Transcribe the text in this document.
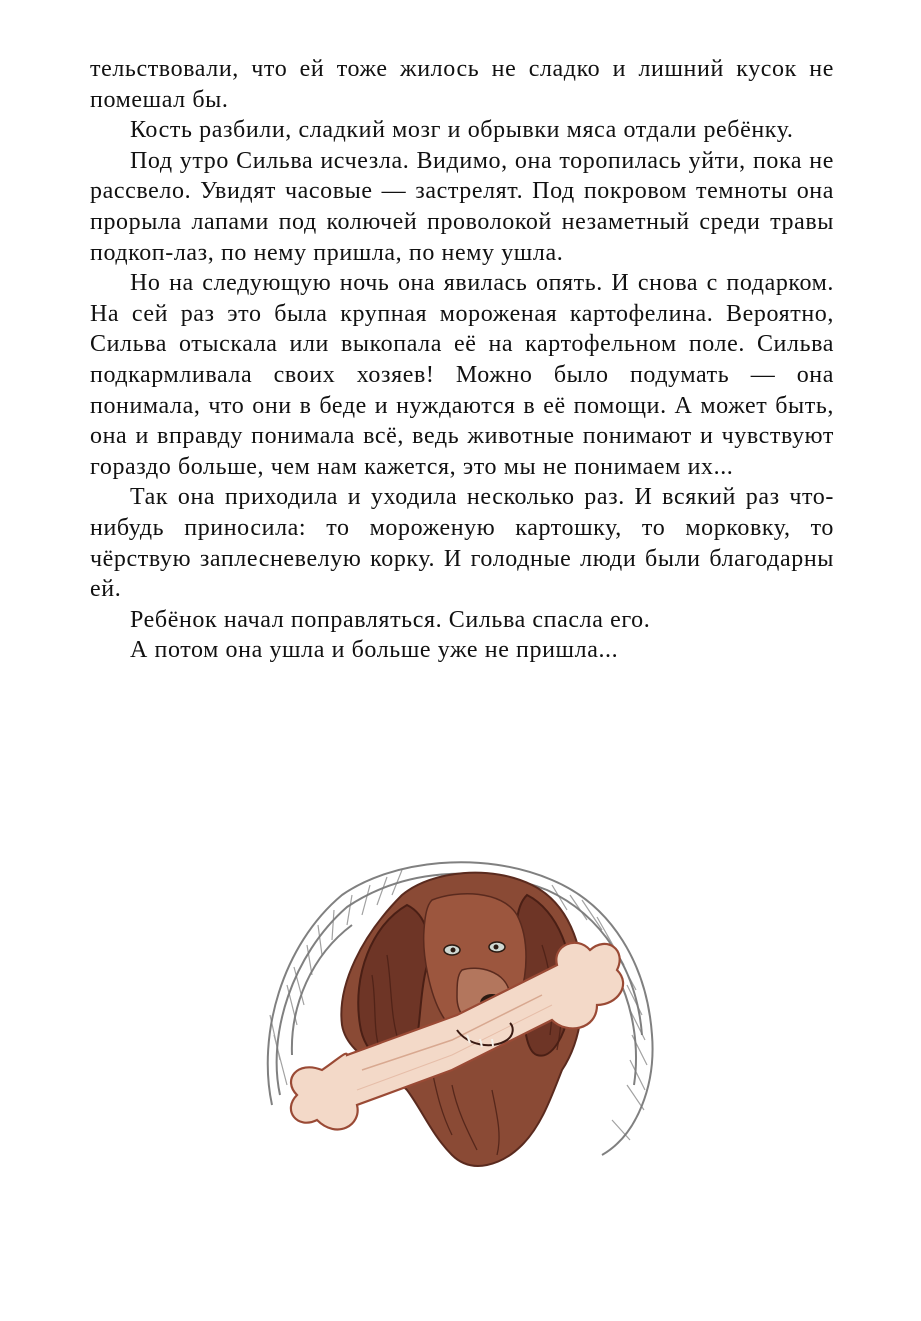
тельствовали, что ей тоже жилось не сладко и лишний кусок не помешал бы.

Кость разбили, сладкий мозг и обрывки мяса отдали ребёнку.

Под утро Сильва исчезла. Видимо, она торопилась уйти, пока не рассвело. Увидят часовые — застрелят. Под покровом темноты она прорыла лапами под колючей проволокой незаметный среди травы подкоп-лаз, по нему пришла, по нему ушла.

Но на следующую ночь она явилась опять. И снова с подарком. На сей раз это была крупная мороженая картофелина. Вероятно, Сильва отыскала или выкопала её на картофельном поле. Сильва подкармливала своих хозяев! Можно было подумать — она понимала, что они в беде и нуждаются в её помощи. А может быть, она и вправду понимала всё, ведь животные понимают и чувствуют гораздо больше, чем нам кажется, это мы не понимаем их...

Так она приходила и уходила несколько раз. И всякий раз что-нибудь приносила: то мороженую картошку, то морковку, то чёрствую заплесневелую корку. И голодные люди были благодарны ей.

Ребёнок начал поправляться. Сильва спасла его.

А потом она ушла и больше уже не пришла...
